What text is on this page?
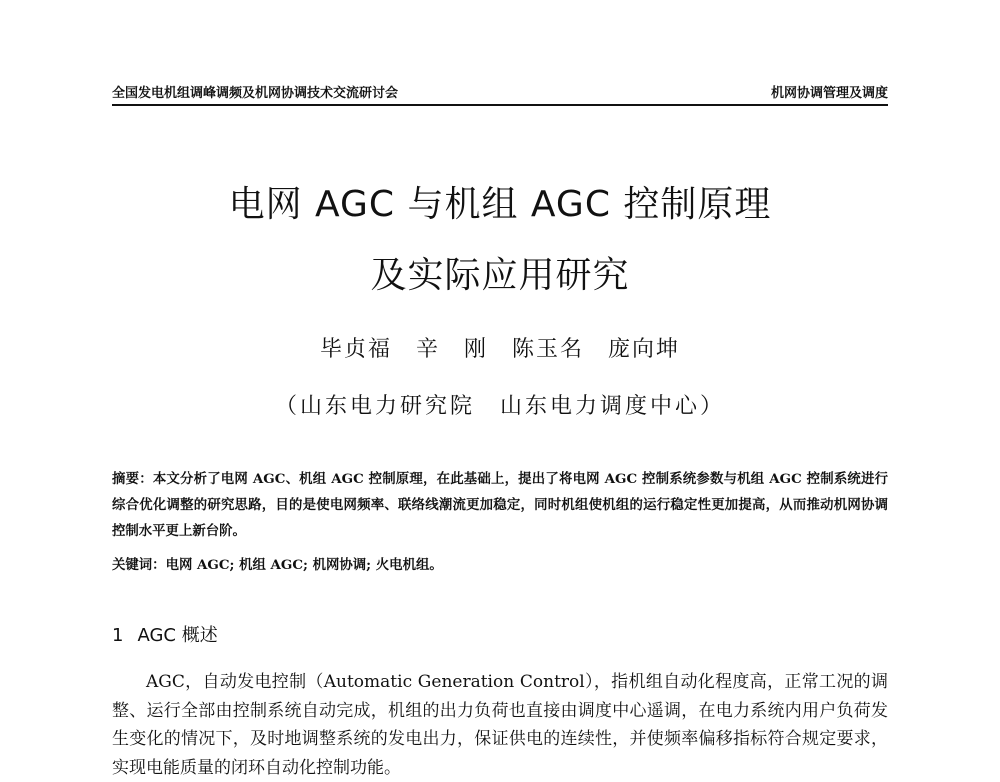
全国发电机组调峰调频及机网协调技术交流研讨会	机网协调管理及调度
电网 AGC 与机组 AGC 控制原理
及实际应用研究
毕贞福　辛　刚　陈玉名　庞向坤
（山东电力研究院　山东电力调度中心）
摘要：本文分析了电网 AGC、机组 AGC 控制原理，在此基础上，提出了将电网 AGC 控制系统参数与机组 AGC 控制系统进行综合优化调整的研究思路，目的是使电网频率、联络线潮流更加稳定，同时机组使机组的运行稳定性更加提高，从而推动机网协调控制水平更上新台阶。
关键词：电网 AGC; 机组 AGC; 机网协调; 火电机组。
1 AGC 概述
AGC，自动发电控制（Automatic Generation Control），指机组自动化程度高，正常工况的调整、运行全部由控制系统自动完成，机组的出力负荷也直接由调度中心遥调，在电力系统内用户负荷发生变化的情况下，及时地调整系统的发电出力，保证供电的连续性，并使频率偏移指标符合规定要求，实现电能质量的闭环自动化控制功能。
